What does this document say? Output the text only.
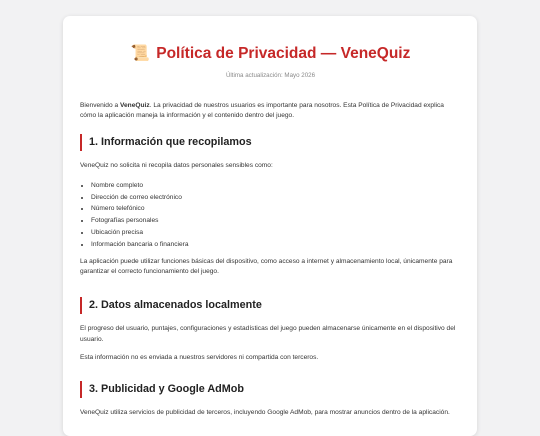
📜 Política de Privacidad — VeneQuiz
Última actualización: Mayo 2026

Bienvenido a VeneQuiz. La privacidad de nuestros usuarios es importante para nosotros. Esta Política de Privacidad explica cómo la aplicación maneja la información y el contenido dentro del juego.

1. Información que recopilamos

VeneQuiz no solicita ni recopila datos personales sensibles como:

• Nombre completo
• Dirección de correo electrónico
• Número telefónico
• Fotografías personales
• Ubicación precisa
• Información bancaria o financiera

La aplicación puede utilizar funciones básicas del dispositivo, como acceso a internet y almacenamiento local, únicamente para garantizar el correcto funcionamiento del juego.

2. Datos almacenados localmente

El progreso del usuario, puntajes, configuraciones y estadísticas del juego pueden almacenarse únicamente en el dispositivo del usuario.

Esta información no es enviada a nuestros servidores ni compartida con terceros.

3. Publicidad y Google AdMob

VeneQuiz utiliza servicios de publicidad de terceros, incluyendo Google AdMob, para mostrar anuncios dentro de la aplicación.
